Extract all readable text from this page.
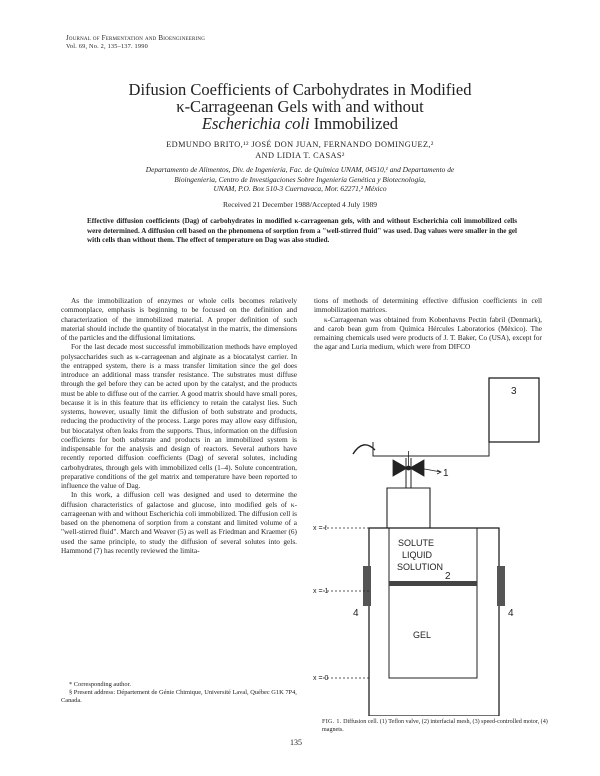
Journal of Fermentation and Bioengineering
Vol. 69, No. 2, 135–137. 1990
Difusion Coefficients of Carbohydrates in Modified
κ-Carrageenan Gels with and without
Escherichia coli Immobilized
EDMUNDO BRITO,¹² JOSÉ DON JUAN, FERNANDO DOMINGUEZ,²
AND LIDIA T. CASAS²
Departamento de Alimentos, Div. de Ingeniería, Fac. de Química UNAM, 04510,¹ and Departamento de
Bioingenieria, Centro de Investigaciones Sobre Ingeniería Genética y Biotecnología,
UNAM, P.O. Box 510-3 Cuernavaca, Mor. 62271,² México
Received 21 December 1988/Accepted 4 July 1989
Effective diffusion coefficients (Dag) of carbohydrates in modified κ-carrageenan gels, with and without Escherichia coli immobilized cells were determined. A diffusion cell based on the phenomena of sorption from a "well-stirred fluid" was used. Dag values were smaller in the gel with cells than without them. The effect of temperature on Dag was also studied.

As the immobilization of enzymes or whole cells becomes relatively commonplace, emphasis is beginning to be focused on the definition and characterization of the immobilized material. A proper definition of such material should include the quantity of biocatalyst in the matrix, the dimensions of the particles and the diffusional limitations.

For the last decade most successful immobilization methods have employed polysaccharides such as κ-carrageenan and alginate as a biocatalyst carrier. In the entrapped system, there is a mass transfer limitation since the gel does introduce an additional mass transfer resistance. The substrates must diffuse through the gel before they can be acted upon by the catalyst, and the products must be able to diffuse out of the carrier. A good matrix should have small pores, because it is in this feature that its efficiency to retain the catalyst lies. Such systems, however, usually limit the diffusion of both substrate and products, reducing the productivity of the process. Large pores may allow easy diffusion, but biocatalyst often leaks from the supports. Thus, information on the diffusion coefficients for both substrate and products in an immobilized system is indispensable for the analysis and design of reactors. Several authors have recently reported diffusion coefficients (Dag) of several solutes, including carbohydrates, through gels with immobilized cells (1–4). Solute concentration, preparative conditions of the gel matrix and temperature have been reported to influence the value of Dag.

In this work, a diffusion cell was designed and used to determine the diffusion characteristics of galactose and glucose, into modified gels of κ-carrageenan with and without Escherichia coli immobilized. The diffusion cell is based on the phenomena of sorption from a constant and limited volume of a "well-stirred fluid". March and Weaver (5) as well as Friedman and Kraemer (6) used the same principle, to study the diffusion of several solutes into gels. Hammond (7) has recently reviewed the limita-

* Corresponding author.

§ Present address: Département de Génie Chimique, Université Laval, Québec G1K 7P4, Canada.

tions of methods of determining effective diffusion coefficients in cell immobilization matrices.

κ-Carrageenan was obtained from Kobenhavns Pectin fabril (Denmark), and carob bean gum from Química Hércules Laboratorios (México). The remaining chemicals used were products of J. T. Baker, Co (USA), except for the agar and Luria medium, which were from DIFCO

3
1
2
4	4
SOLUTE
LIQUID
SOLUTION
GEL
x = ℓ
x = 1
x = 0
FIG. 1. Diffusion cell. (1) Teflon valve, (2) interfacial mesh, (3) speed-controlled motor, (4) magnets.
135
